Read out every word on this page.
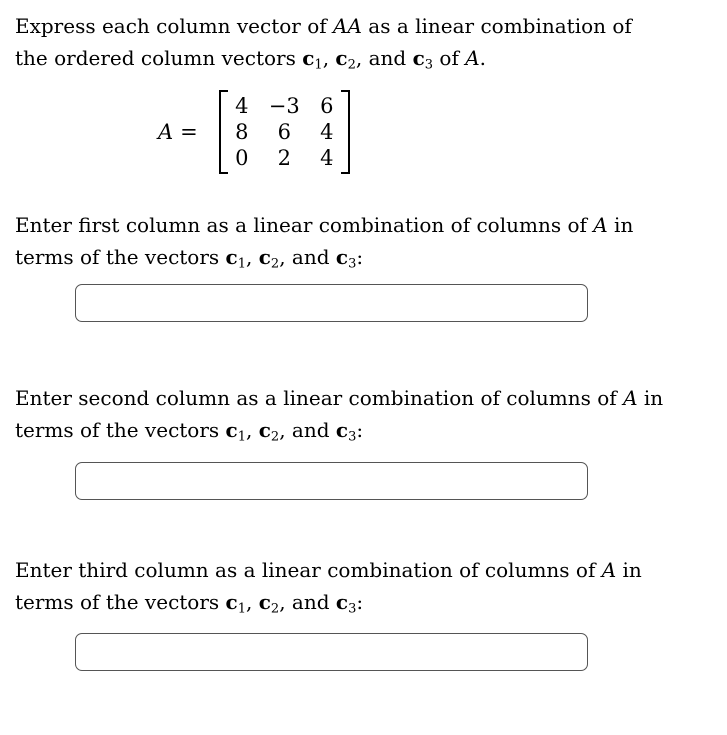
Express each column vector of AA as a linear combination of
the ordered column vectors $c_1$, $c_2$, and $c_3$ of A.
A =
4 −3 6
8	6	4
0	2	4
Enter first column as a linear combination of columns of A in
terms of the vectors $c_1$, $c_2$, and $c_3$:
Enter second column as a linear combination of columns of A in
terms of the vectors $c_1$, $c_2$, and $c_3$:
Enter third column as a linear combination of columns of A in
terms of the vectors $c_1$, $c_2$, and $c_3$:
